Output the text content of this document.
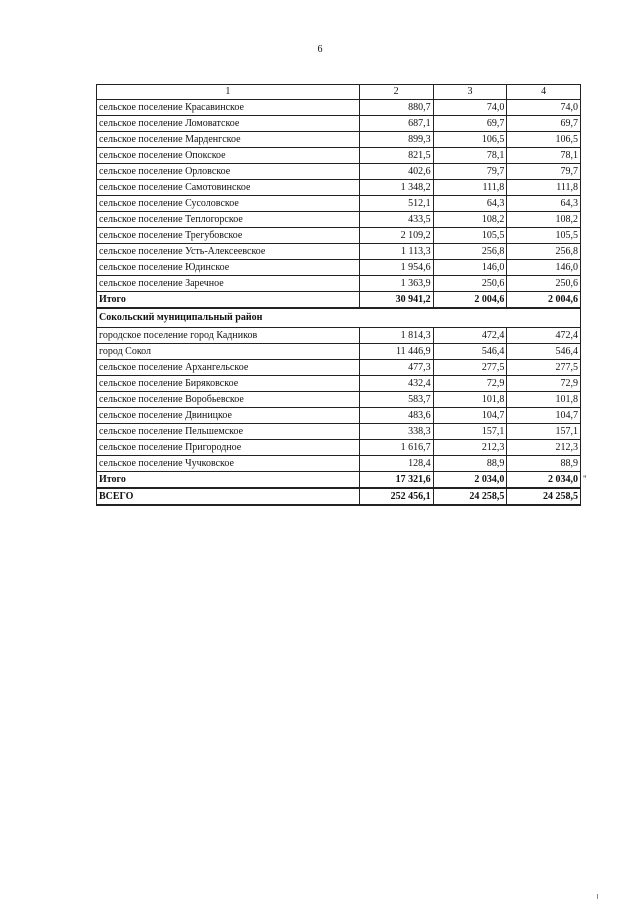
6
1	2	3	4
сельское поселение Красавинское	880,7	74,0	74,0
сельское поселение Ломоватское	687,1	69,7	69,7
сельское поселение Марденгское	899,3	106,5	106,5
сельское поселение Опокское	821,5	78,1	78,1
сельское поселение Орловское	402,6	79,7	79,7
сельское поселение Самотовинское	1 348,2	111,8	111,8
сельское поселение Сусоловское	512,1	64,3	64,3
сельское поселение Теплогорское	433,5	108,2	108,2
сельское поселение Трегубовское	2 109,2	105,5	105,5
сельское поселение Усть-Алексеевское	1 113,3	256,8	256,8
сельское поселение Юдинское	1 954,6	146,0	146,0
сельское поселение Заречное	1 363,9	250,6	250,6
Итого	30 941,2	2 004,6	2 004,6
Сокольский муниципальный район			
городское поселение город Кадников	1 814,3	472,4	472,4
город Сокол	11 446,9	546,4	546,4
сельское поселение Архангельское	477,3	277,5	277,5
сельское поселение Биряковское	432,4	72,9	72,9
сельское поселение Воробьевское	583,7	101,8	101,8
сельское поселение Двиницкое	483,6	104,7	104,7
сельское поселение Пельшемское	338,3	157,1	157,1
сельское поселение Пригородное	1 616,7	212,3	212,3
сельское поселение Чучковское	128,4	88,9	88,9
Итого	17 321,6	2 034,0	2 034,0
ВСЕГО	252 456,1	24 258,5	24 258,5
"
